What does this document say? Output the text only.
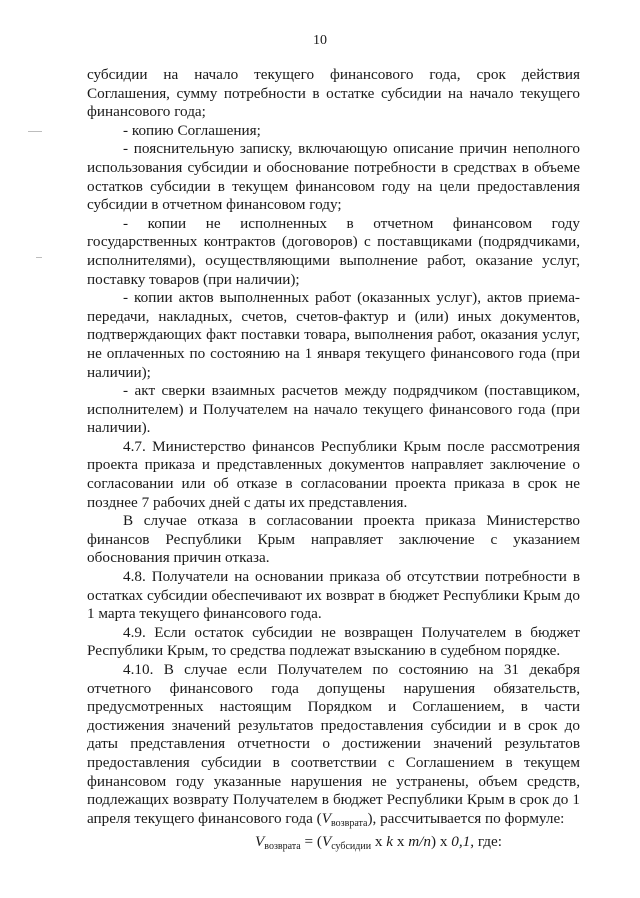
10

субсидии на начало текущего финансового года, срок действия Соглашения, сумму потребности в остатке субсидии на начало текущего финансового года;

- копию Соглашения;

- пояснительную записку, включающую описание причин неполного использования субсидии и обоснование потребности в средствах в объеме остатков субсидии в текущем финансовом году на цели предоставления субсидии в отчетном финансовом году;

- копии не исполненных в отчетном финансовом году государственных контрактов (договоров) с поставщиками (подрядчиками, исполнителями), осуществляющими выполнение работ, оказание услуг, поставку товаров (при наличии);

- копии актов выполненных работ (оказанных услуг), актов приема-передачи, накладных, счетов, счетов-фактур и (или) иных документов, подтверждающих факт поставки товара, выполнения работ, оказания услуг, не оплаченных по состоянию на 1 января текущего финансового года (при наличии);

- акт сверки взаимных расчетов между подрядчиком (поставщиком, исполнителем) и Получателем на начало текущего финансового года (при наличии).

4.7. Министерство финансов Республики Крым после рассмотрения проекта приказа и представленных документов направляет заключение о согласовании или об отказе в согласовании проекта приказа в срок не позднее 7 рабочих дней с даты их представления.

В случае отказа в согласовании проекта приказа Министерство финансов Республики Крым направляет заключение с указанием обоснования причин отказа.

4.8. Получатели на основании приказа об отсутствии потребности в остатках субсидии обеспечивают их возврат в бюджет Республики Крым до 1 марта текущего финансового года.

4.9. Если остаток субсидии не возвращен Получателем в бюджет Республики Крым, то средства подлежат взысканию в судебном порядке.

4.10. В случае если Получателем по состоянию на 31 декабря отчетного финансового года допущены нарушения обязательств, предусмотренных настоящим Порядком и Соглашением, в части достижения значений результатов предоставления субсидии и в срок до даты представления отчетности о достижении значений результатов предоставления субсидии в соответствии с Соглашением в текущем финансовом году указанные нарушения не устранены, объем средств, подлежащих возврату Получателем в бюджет Республики Крым в срок до 1 апреля текущего финансового года $(V_{возврата})$, рассчитывается по формуле:

$V_{возврата} = (V_{субсидии}$ x k x m/n) x 0,1, где:
